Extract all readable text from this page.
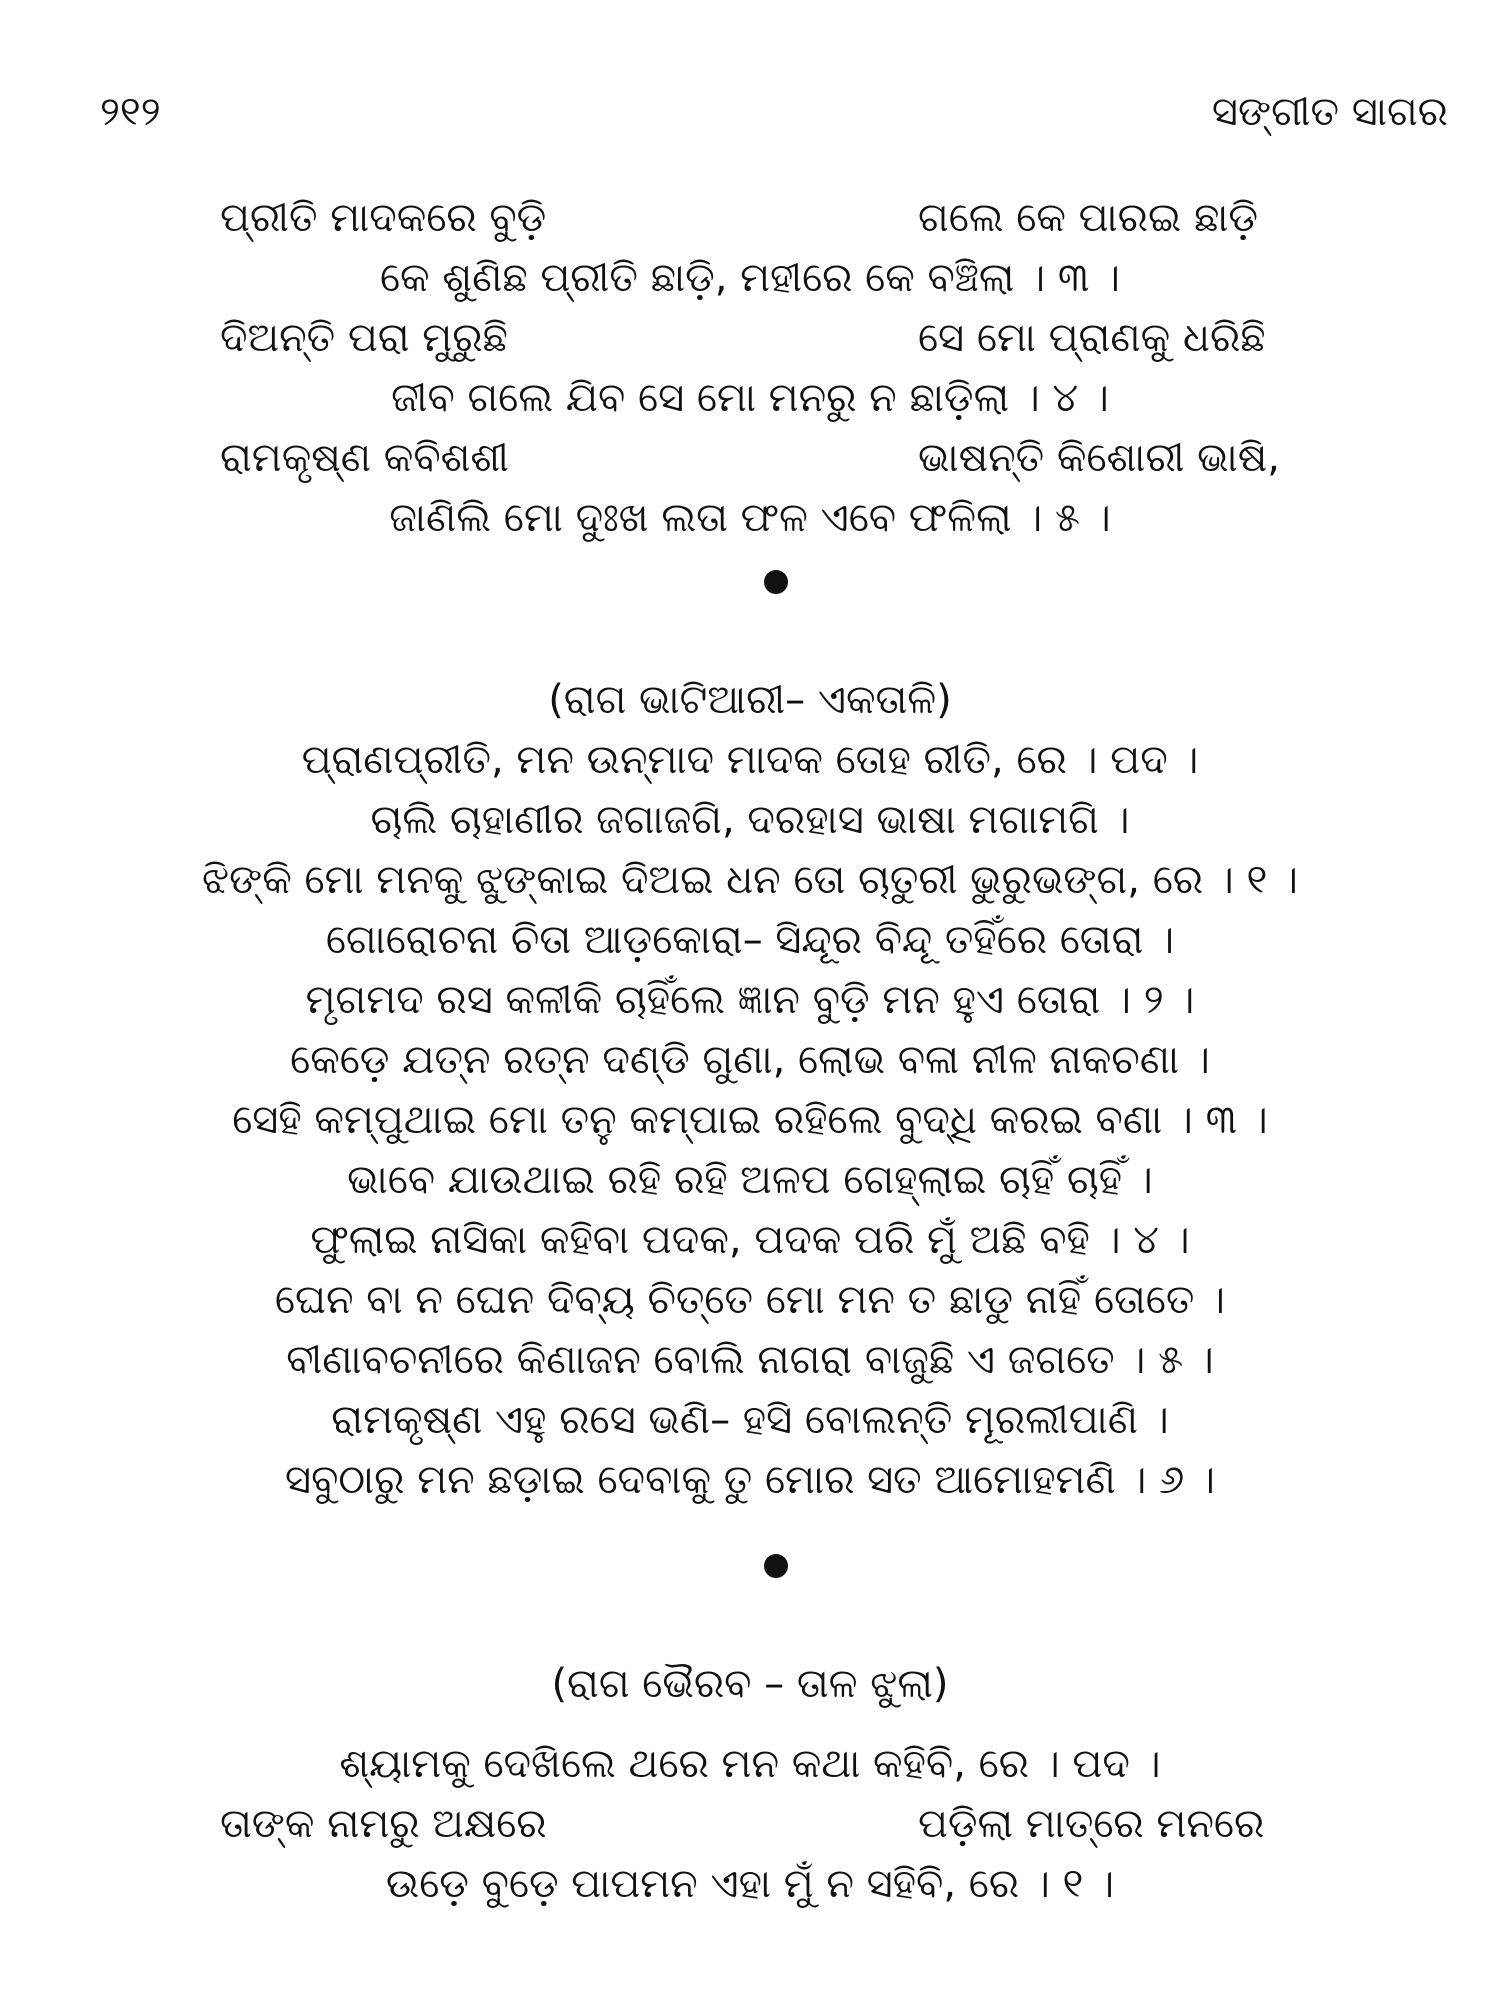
୨୧୨	ସଙ୍ଗୀତ ସାଗର
ପ୍ରୀତି ମାଦକରେ ବୁଡ଼ି	ଗଲେ କେ ପାରଇ ଛାଡ଼ି
କେ ଶୁଣିଛ ପ୍ରୀତି ଛାଡ଼ି, ମହୀରେ କେ ବଞ୍ଚିଲା । ୩ ।
ଦିଅନ୍ତି ପରା ମୁରୁଛି	ସେ ମୋ ପ୍ରାଣକୁ ଧରିଛି
ଜୀବ ଗଲେ ଯିବ ସେ ମୋ ମନରୁ ନ ଛାଡ଼ିଲା । ୪ ।
ରାମକୃଷ୍ଣ କବିଶଶୀ	ଭାଷନ୍ତି କିଶୋରୀ ଭାଷି,
ଜାଣିଲି ମୋ ଦୁଃଖ ଲତା ଫଳ ଏବେ ଫଳିଲା । ୫ ।
(ରାଗ ଭାଟିଆରୀ– ଏକତାଳି)
ପ୍ରାଣପ୍ରୀତି, ମନ ଉନ୍ମାଦ ମାଦକ ତୋହ ରୀତି, ରେ । ପଦ ।
ଚାଲି ଚାହାଣୀର ଜଗାଜଗି, ଦରହାସ ଭାଷା ମଗାମଗି ।
ଝିଙ୍କି ମୋ ମନକୁ ଝୁଙ୍କାଇ ଦିଅଇ ଧନ ତୋ ଚାତୁରୀ ଭୁରୁଭଙ୍ଗ, ରେ । ୧ ।
ଗୋରୋଚନା ଚିତା ଆଡ଼କୋରା– ସିନ୍ଦୂର ବିନ୍ଦୂ ତହିଁରେ ତୋରା ।
ମୃଗମଦ ରସ କଳୀକି ଚାହିଁଲେ ଜ୍ଞାନ ବୁଡ଼ି ମନ ହୁଏ ତୋରା । ୨ ।
କେଡ଼େ ଯତ୍ନ ରତ୍ନ ଦଣ୍ଡି ଗୁଣା, ଲୋଭ ବଳା ନୀଳ ନାକଚଣା ।
ସେହି କମ୍ପୁଥାଇ ମୋ ତନୁ କମ୍ପାଇ ରହିଲେ ବୁଦ୍ଧି କରଇ ବଣା । ୩ ।
ଭାବେ ଯାଉଥାଇ ରହି ରହି ଅଳପ ଗେହ୍ଲାଇ ଚାହିଁ ଚାହିଁ ।
ଫୁଲାଇ ନାସିକା କହିବା ପଦକ, ପଦକ ପରି ମୁଁ ଅଛି ବହି । ୪ ।
ଘେନ ବା ନ ଘେନ ଦିବ୍ୟ ଚିତ୍ତେ ମୋ ମନ ତ ଛାଡୁ ନାହିଁ ତୋତେ ।
ବୀଣାବଚନୀରେ କିଣାଜନ ବୋଲି ନାଗରା ବାଜୁଛି ଏ ଜଗତେ । ୫ ।
ରାମକୃଷ୍ଣ ଏହୁ ରସେ ଭଣି– ହସି ବୋଲନ୍ତି ମୂରଲୀପାଣି ।
ସବୁଠାରୁ ମନ ଛଡ଼ାଇ ଦେବାକୁ ତୁ ମୋର ସତ ଆମୋହମଣି । ୬ ।
(ରାଗ ଭୈରବ – ତାଳ ଝୁଲା)
ଶ୍ୟାମକୁ ଦେଖିଲେ ଥରେ ମନ କଥା କହିବି, ରେ । ପଦ ।
ତାଙ୍କ ନାମରୁ ଅକ୍ଷରେ	ପଡ଼ିଲା ମାତ୍ରେ ମନରେ
ଉଡ଼େ ବୁଡ଼େ ପାପମନ ଏହା ମୁଁ ନ ସହିବି, ରେ । ୧ ।
